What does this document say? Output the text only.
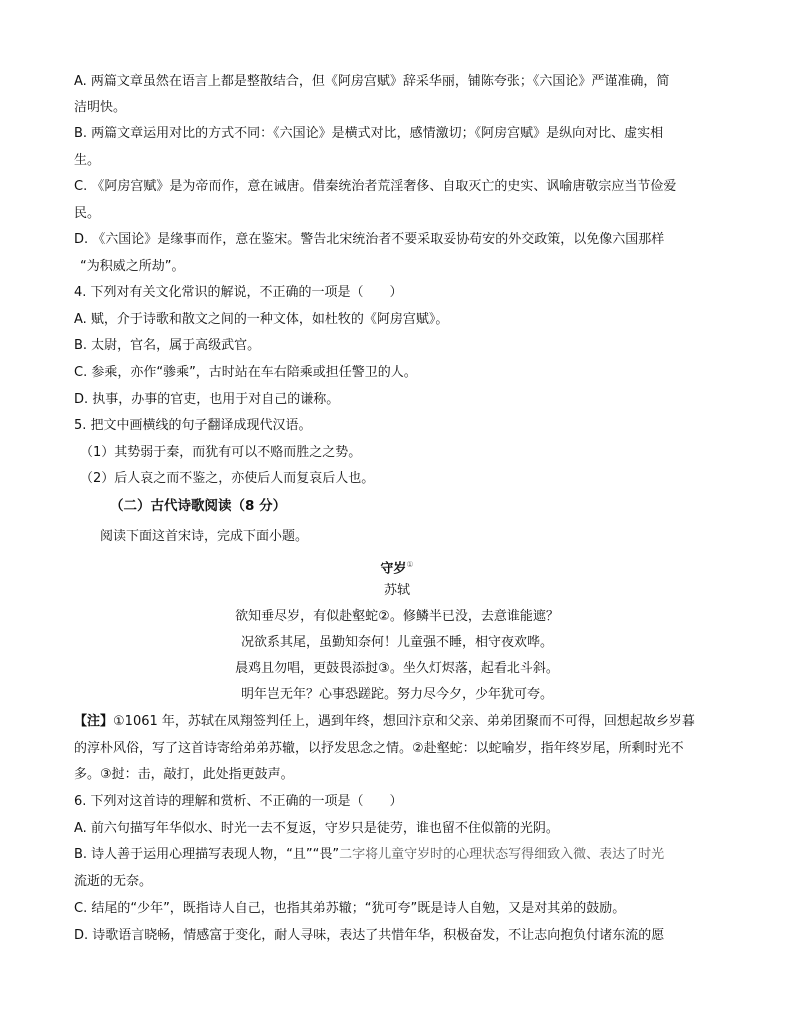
A. 两篇文章虽然在语言上都是整散结合，但《阿房宫赋》辞采华丽，铺陈夸张；《六国论》严谨准确，简
洁明快。
B. 两篇文章运用对比的方式不同：《六国论》是横式对比，感情激切；《阿房宫赋》是纵向对比、虚实相
生。
C. 《阿房宫赋》是为帝而作，意在诫唐。借秦统治者荒淫奢侈、自取灭亡的史实、讽喻唐敬宗应当节俭爱
民。
D. 《六国论》是缘事而作，意在鉴宋。警告北宋统治者不要采取妥协苟安的外交政策，以免像六国那样
“为积威之所劫”。
4. 下列对有关文化常识的解说，不正确的一项是（　　）
A. 赋，介于诗歌和散文之间的一种文体，如杜牧的《阿房宫赋》。
B. 太尉，官名，属于高级武官。
C. 参乘，亦作“骖乘”，古时站在车右陪乘或担任警卫的人。
D. 执事，办事的官吏，也用于对自己的谦称。
5. 把文中画横线的句子翻译成现代汉语。
（1）其势弱于秦，而犹有可以不赂而胜之之势。
（2）后人哀之而不鉴之，亦使后人而复哀后人也。
（二）古代诗歌阅读（8 分）
阅读下面这首宋诗，完成下面小题。
守岁①
苏轼
欲知垂尽岁，有似赴壑蛇②。修鳞半已没，去意谁能遮？
况欲系其尾，虽勤知奈何！儿童强不睡，相守夜欢哗。
晨鸡且勿唱，更鼓畏添挝③。坐久灯烬落，起看北斗斜。
明年岂无年？心事恐蹉跎。努力尽今夕，少年犹可夸。
【注】①1061 年，苏轼在凤翔签判任上，遇到年终，想回汴京和父亲、弟弟团聚而不可得，回想起故乡岁暮
的淳朴风俗，写了这首诗寄给弟弟苏辙，以抒发思念之情。②赴壑蛇：以蛇喻岁，指年终岁尾，所剩时光不
多。③挝：击，敲打，此处指更鼓声。
6. 下列对这首诗的理解和赏析、不正确的一项是（　　）
A. 前六句描写年华似水、时光一去不复返，守岁只是徒劳，谁也留不住似箭的光阴。
B. 诗人善于运用心理描写表现人物，“且”“畏”二字将儿童守岁时的心理状态写得细致入微、表达了时光
流逝的无奈。
C. 结尾的“少年”，既指诗人自己，也指其弟苏辙；“犹可夸”既是诗人自勉，又是对其弟的鼓励。
D. 诗歌语言晓畅，情感富于变化，耐人寻味，表达了共惜年华，积极奋发，不让志向抱负付诸东流的愿
